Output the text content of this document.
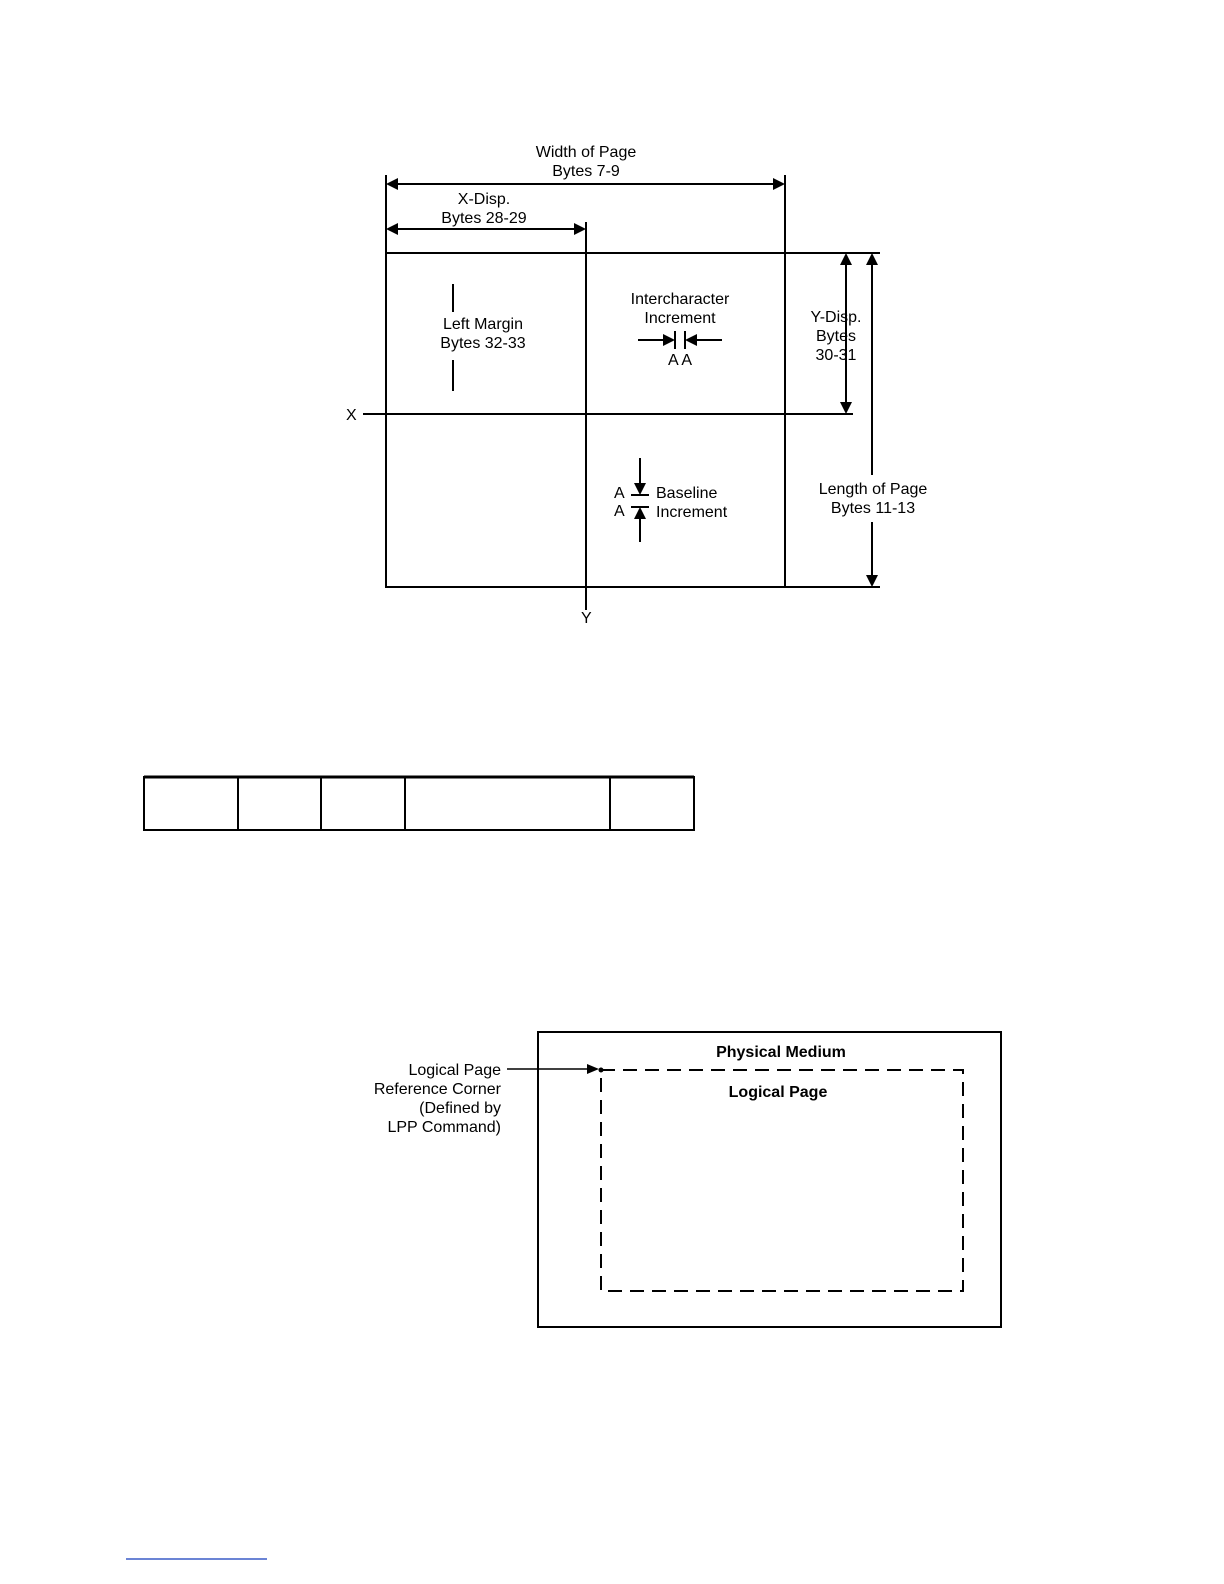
X
Y
Width of Page
Bytes 7-9
X-Disp.
Bytes 28-29
Left Margin
Bytes 32-33
Intercharacter
Increment
A A
Y-Disp.
Bytes
30-31
Length of Page
Bytes 11-13
A
A
Baseline
Increment
Physical Medium
Logical Page
Logical Page
Reference Corner
(Defined by
LPP Command)
